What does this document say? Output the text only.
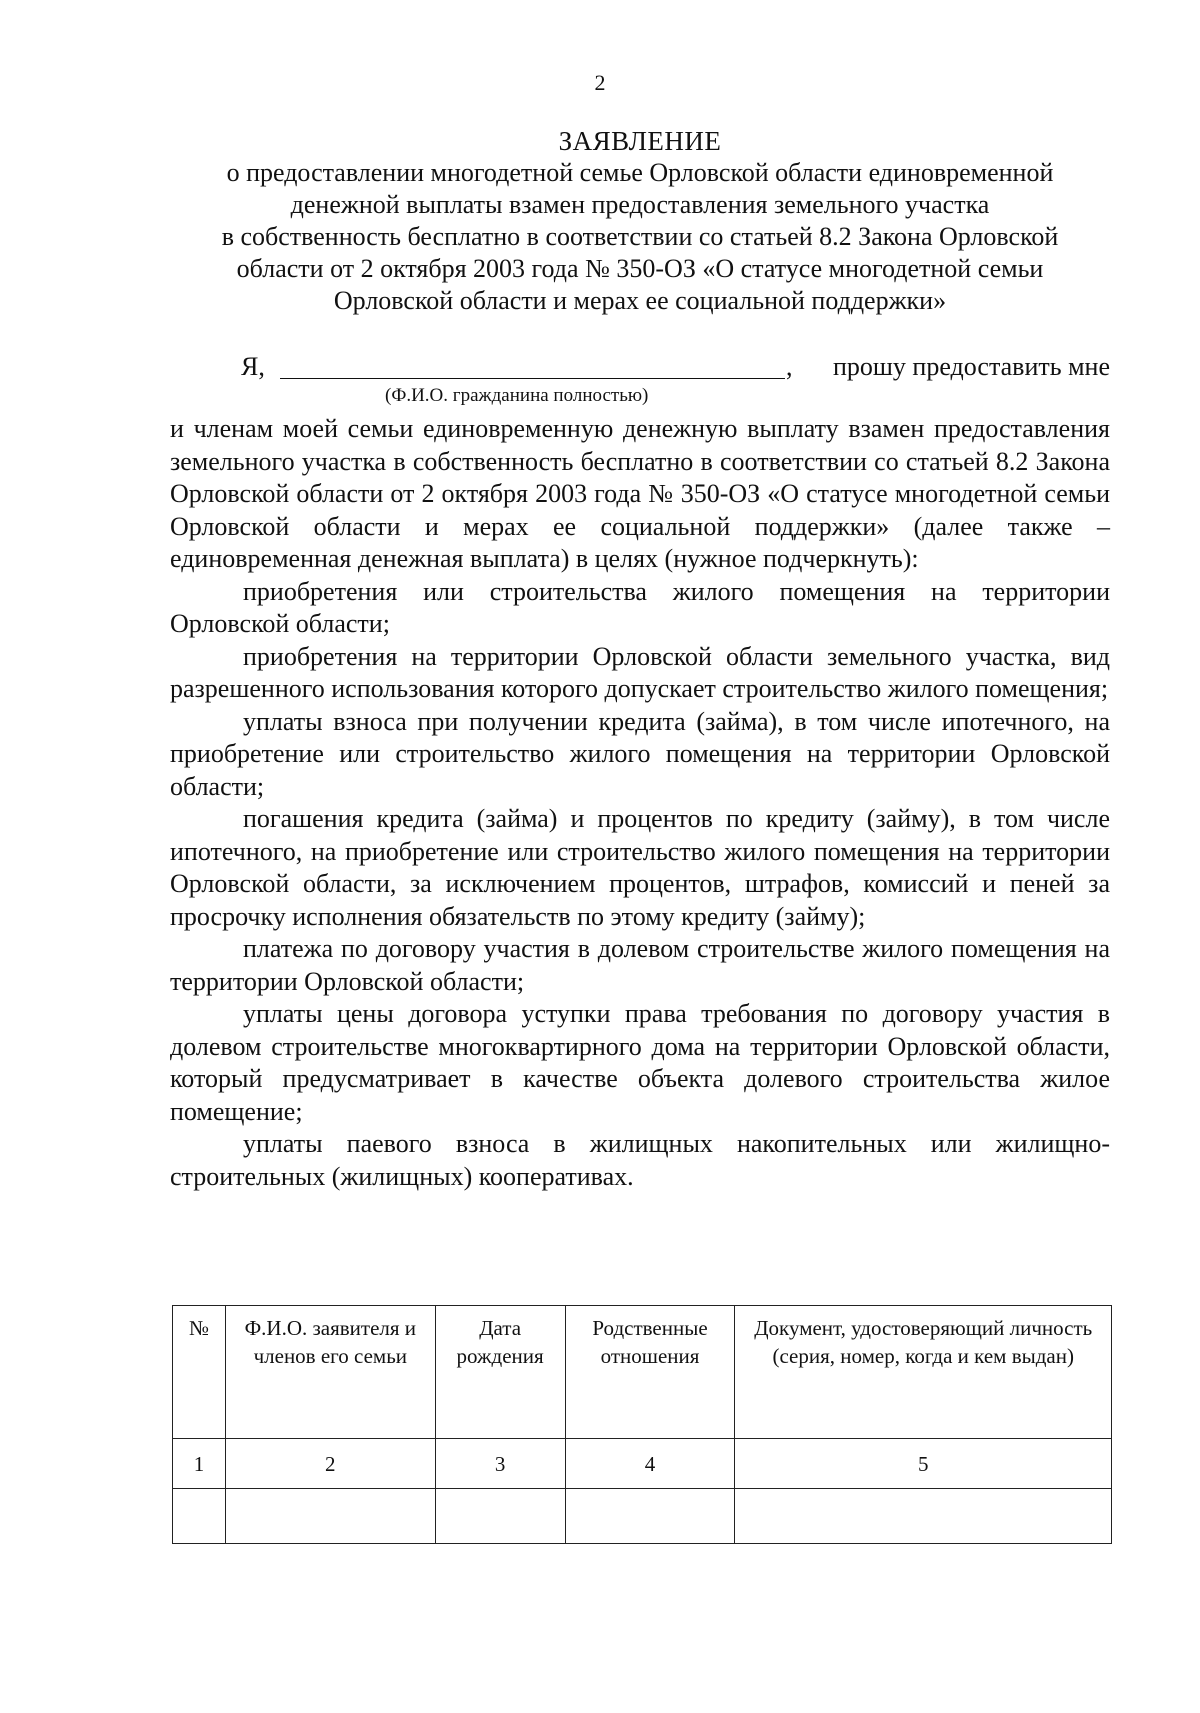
2
ЗАЯВЛЕНИЕ
о предоставлении многодетной семье Орловской области единовременной
денежной выплаты взамен предоставления земельного участка
в собственность бесплатно в соответствии со статьей 8.2 Закона Орловской
области от 2 октября 2003 года № 350-ОЗ «О статусе многодетной семьи
Орловской области и мерах ее социальной поддержки»
Я,	, прошу предоставить мне
(Ф.И.О. гражданина полностью)

и членам моей семьи единовременную денежную выплату взамен предоставления земельного участка в собственность бесплатно в соответствии со статьей 8.2 Закона Орловской области от 2 октября 2003 года № 350-ОЗ «О статусе многодетной семьи Орловской области и мерах ее социальной поддержки» (далее также – единовременная денежная выплата) в целях (нужное подчеркнуть):

приобретения или строительства жилого помещения на территории Орловской области;

приобретения на территории Орловской области земельного участка, вид разрешенного использования которого допускает строительство жилого помещения;

уплаты взноса при получении кредита (займа), в том числе ипотечного, на приобретение или строительство жилого помещения на территории Орловской области;

погашения кредита (займа) и процентов по кредиту (займу), в том числе ипотечного, на приобретение или строительство жилого помещения на территории Орловской области, за исключением процентов, штрафов, комиссий и пеней за просрочку исполнения обязательств по этому кредиту (займу);

платежа по договору участия в долевом строительстве жилого помещения на территории Орловской области;

уплаты цены договора уступки права требования по договору участия в долевом строительстве многоквартирного дома на территории Орловской области, который предусматривает в качестве объекта долевого строительства жилое помещение;

уплаты паевого взноса в жилищных накопительных или жилищно-строительных (жилищных) кооперативах.

№	Ф.И.О. заявителя и членов его семьи	Дата рождения	Родственные отношения	Документ, удостоверяющий личность (серия, номер, когда и кем выдан)
1	2	3	4	5
